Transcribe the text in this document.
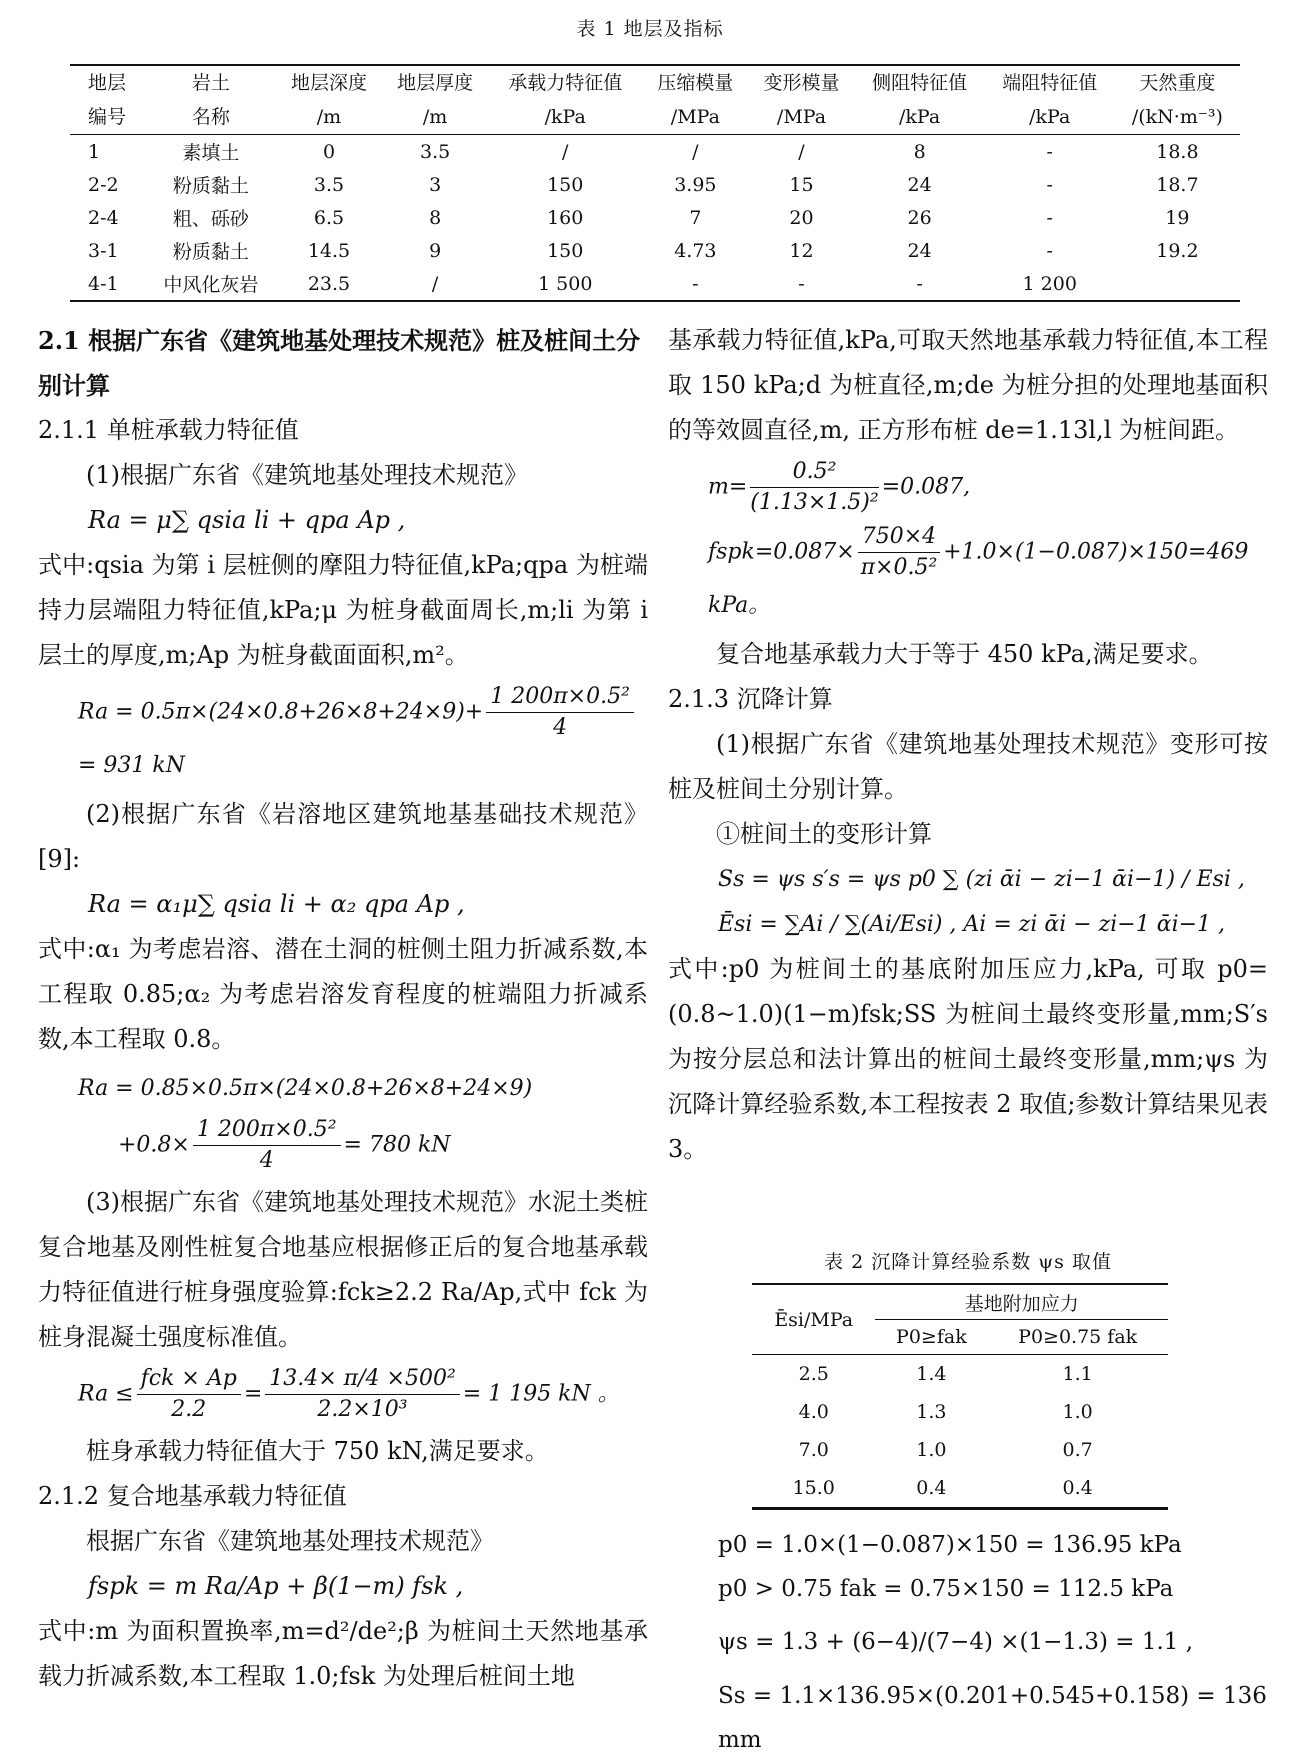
表 1 地层及指标
地层	岩土	地层深度	地层厚度	承载力特征值	压缩模量	变形模量	侧阻特征值	端阻特征值	天然重度
编号	名称	/m	/m	/kPa	/MPa	/MPa	/kPa	/kPa	/(kN·m⁻³)
1	素填土	0	3.5	/	/	/	8	-	18.8
2-2	粉质黏土	3.5	3	150	3.95	15	24	-	18.7
2-4	粗、砾砂	6.5	8	160	7	20	26	-	19
3-1	粉质黏土	14.5	9	150	4.73	12	24	-	19.2
4-1	中风化灰岩	23.5	/	1 500	-	-	-	1 200	

2.1 根据广东省《建筑地基处理技术规范》桩及桩间土分别计算

2.1.1 单桩承载力特征值

(1)根据广东省《建筑地基处理技术规范》

Ra = μ∑ qsia li + qpa Ap ,

式中:qsia 为第 i 层桩侧的摩阻力特征值,kPa;qpa 为桩端持力层端阻力特征值,kPa;μ 为桩身截面周长,m;li 为第 i 层土的厚度,m;Ap 为桩身截面面积,m²。

$Ra = 0.5\pi\times(24\times 0.8+26\times 8+24\times 9)+ \frac{\text{1 200π×0.5²}}{4}$
= 931 kN

(2)根据广东省《岩溶地区建筑地基基础技术规范》[9]:

Ra = α₁μ∑ qsia li + α₂ qpa Ap ,

式中:α₁ 为考虑岩溶、潜在土洞的桩侧土阻力折减系数,本工程取 0.85;α₂ 为考虑岩溶发育程度的桩端阻力折减系数,本工程取 0.8。

Ra = 0.85×0.5π×(24×0.8+26×8+24×9)
$+0.8\times \frac{\text{1 200π×0.5²}}{4} = 780$ kN

(3)根据广东省《建筑地基处理技术规范》水泥土类桩复合地基及刚性桩复合地基应根据修正后的复合地基承载力特征值进行桩身强度验算:fck≥2.2 Ra/Ap,式中 fck 为桩身混凝土强度标准值。

$Ra \le \frac{\text{fck × Ap}}{2.2} = \frac{\text{13.4× π/4 ×500²}}{\text{2.2×10³}} = 1$ 195 kN 。

桩身承载力特征值大于 750 kN,满足要求。

2.1.2 复合地基承载力特征值

根据广东省《建筑地基处理技术规范》

fspk = m Ra/Ap + β(1−m) fsk ,

式中:m 为面积置换率,m=d²/de²;β 为桩间土天然地基承载力折减系数,本工程取 1.0;fsk 为处理后桩间土地

基承载力特征值,kPa,可取天然地基承载力特征值,本工程取 150 kPa;d 为桩直径,m;de 为桩分担的处理地基面积的等效圆直径,m, 正方形布桩 de=1.13l,l 为桩间距。

$m= \frac{\text{0.5²}}{\text{(1.13×1.5)²}} =0.087$,
fspk=0.087× $\frac{750\times 4}{\text{π×0.5²}} +1.0\times(1-0.087)\times 150=469$ kPa。

复合地基承载力大于等于 450 kPa,满足要求。

2.1.3 沉降计算

(1)根据广东省《建筑地基处理技术规范》变形可按桩及桩间土分别计算。

①桩间土的变形计算

Ss = ψs s′s = ψs p0 ∑ (zi ᾱi − zi−1 ᾱi−1) / Esi ,

Ēsi = ∑Ai / ∑(Ai/Esi) , Ai = zi ᾱi − zi−1 ᾱi−1 ,

式中:p0 为桩间土的基底附加压应力,kPa, 可取 p0=(0.8~1.0)(1−m)fsk;SS 为桩间土最终变形量,mm;S′s 为按分层总和法计算出的桩间土最终变形量,mm;ψs 为沉降计算经验系数,本工程按表 2 取值;参数计算结果见表 3。

表 2 沉降计算经验系数 ψs 取值
Ēsi/MPa	基地附加应力	
	P0≥fak	P0≥0.75 fak
2.5	1.4	1.1
4.0	1.3	1.0
7.0	1.0	0.7
15.0	0.4	0.4
p0 = 1.0×(1−0.087)×150 = 136.95 kPa
p0 > 0.75 fak = 0.75×150 = 112.5 kPa
ψs = 1.3 + (6−4)/(7−4) ×(1−1.3) = 1.1 ,
Ss = 1.1×136.95×(0.201+0.545+0.158) = 136 mm
